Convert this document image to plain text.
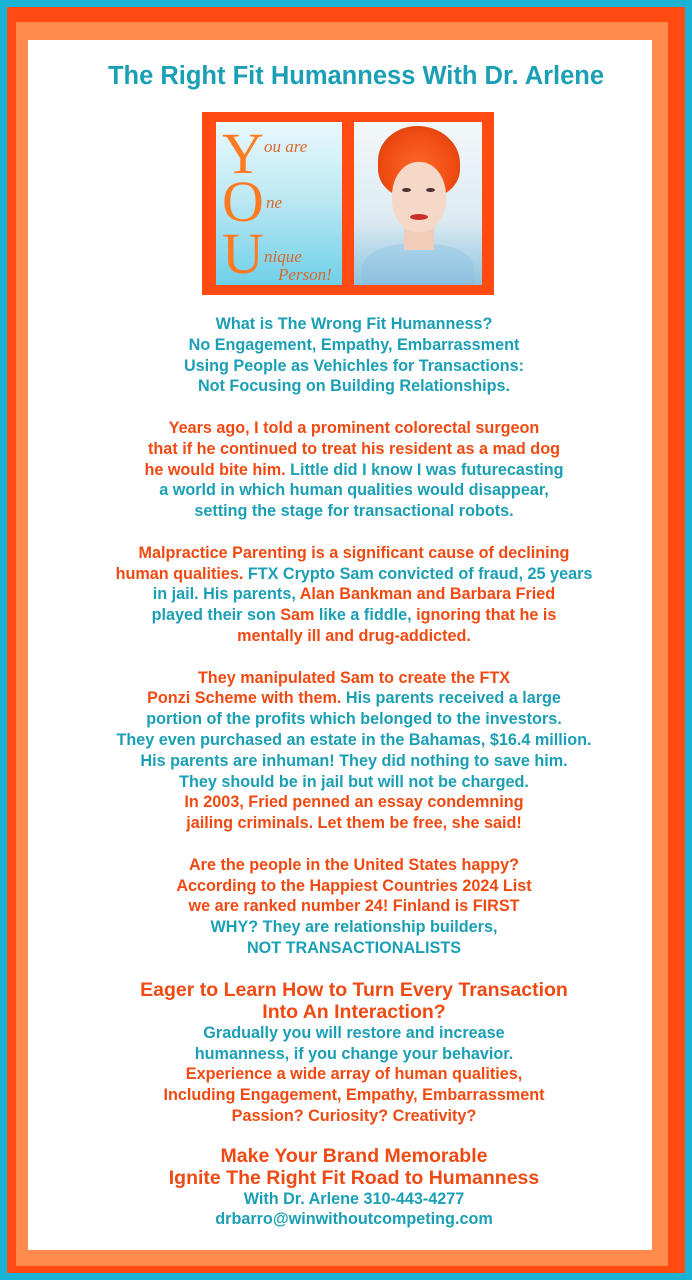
The Right Fit Humanness With Dr. Arlene
Y
O
U
ou are
ne
nique
Person!
What is The Wrong Fit Humanness?
No Engagement, Empathy, Embarrassment
Using People as Vehichles for Transactions:
Not Focusing on Building Relationships.
Years ago, I told a prominent colorectal surgeon
that if he continued to treat his resident as a mad dog
he would bite him. Little did I know I was futurecasting
a world in which human qualities would disappear,
setting the stage for transactional robots.
Malpractice Parenting is a significant cause of declining
human qualities. FTX Crypto Sam convicted of fraud, 25 years
in jail. His parents, Alan Bankman and Barbara Fried
played their son Sam like a fiddle, ignoring that he is
mentally ill and drug-addicted.
They manipulated Sam to create the FTX
Ponzi Scheme with them. His parents received a large
portion of the profits which belonged to the investors.
They even purchased an estate in the Bahamas, $16.4 million.
His parents are inhuman! They did nothing to save him.
They should be in jail but will not be charged.
In 2003, Fried penned an essay condemning
jailing criminals. Let them be free, she said!
Are the people in the United States happy?
According to the Happiest Countries 2024 List
we are ranked number 24! Finland is FIRST
WHY? They are relationship builders,
NOT TRANSACTIONALISTS
Eager to Learn How to Turn Every Transaction
Into An Interaction?
Gradually you will restore and increase
humanness, if you change your behavior.
Experience a wide array of human qualities,
Including Engagement, Empathy, Embarrassment
Passion? Curiosity? Creativity?
Make Your Brand Memorable
Ignite The Right Fit Road to Humanness
With Dr. Arlene 310-443-4277
drbarro@winwithoutcompeting.com
